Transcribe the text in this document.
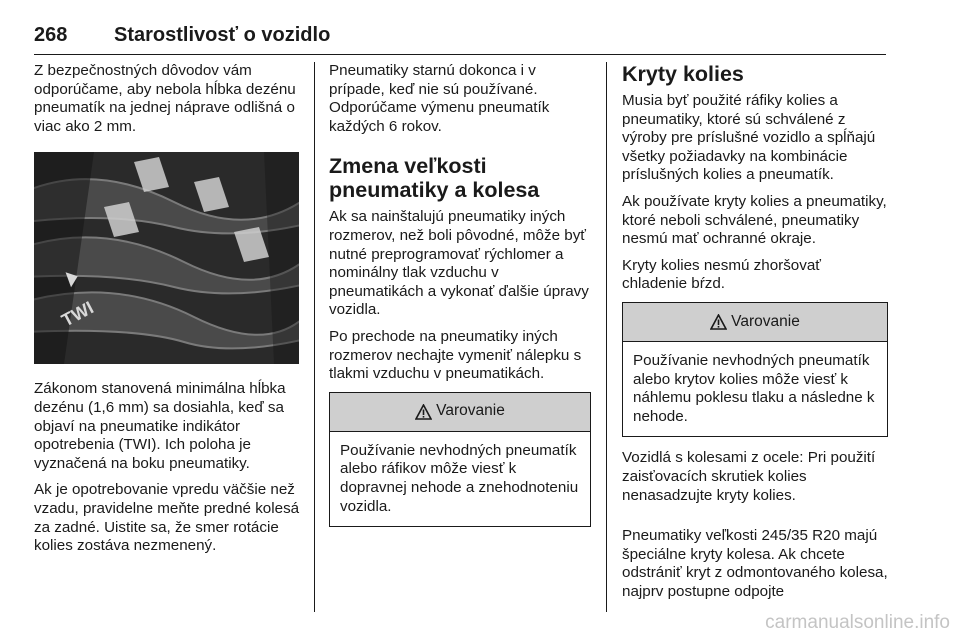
268 Starostlivosť o vozidlo

Z bezpečnostných dôvodov vám odporúčame, aby nebola hĺbka dezénu pneumatík na jednej náprave odlišná o viac ako 2 mm.

TWI

Zákonom stanovená minimálna hĺbka dezénu (1,6 mm) sa dosiahla, keď sa objaví na pneumatike indikátor opotrebenia (TWI). Ich poloha je vyznačená na boku pneumatiky.

Ak je opotrebovanie vpredu väčšie než vzadu, pravidelne meňte predné kolesá za zadné. Uistite sa, že smer rotácie kolies zostáva nezmenený.

Pneumatiky starnú dokonca i v prípade, keď nie sú používané. Odporúčame výmenu pneumatík každých 6 rokov.

Zmena veľkosti pneumatiky a kolesa

Ak sa nainštalujú pneumatiky iných rozmerov, než boli pôvodné, môže byť nutné preprogramovať rýchlomer a nominálny tlak vzduchu v pneumatikách a vykonať ďalšie úpravy vozidla.

Po prechode na pneumatiky iných rozmerov nechajte vymeniť nálepku s tlakmi vzduchu v pneumatikách.

Varovanie
Používanie nevhodných pneumatík alebo ráfikov môže viesť k dopravnej nehode a znehodnoteniu vozidla.
Kryty kolies

Musia byť použité ráfiky kolies a pneumatiky, ktoré sú schválené z výroby pre príslušné vozidlo a spĺňajú všetky požiadavky na kombinácie príslušných kolies a pneumatík.

Ak používate kryty kolies a pneumatiky, ktoré neboli schválené, pneumatiky nesmú mať ochranné okraje.

Kryty kolies nesmú zhoršovať chladenie bŕzd.

Varovanie
Používanie nevhodných pneumatík alebo krytov kolies môže viesť k náhlemu poklesu tlaku a následne k nehode.

Vozidlá s kolesami z ocele: Pri použití zaisťovacích skrutiek kolies nenasadzujte kryty kolies.

Pneumatiky veľkosti 245/35 R20 majú špeciálne kryty kolesa. Ak chcete odstrániť kryt z odmontovaného kolesa, najprv postupne odpojte

carmanualsonline.info
